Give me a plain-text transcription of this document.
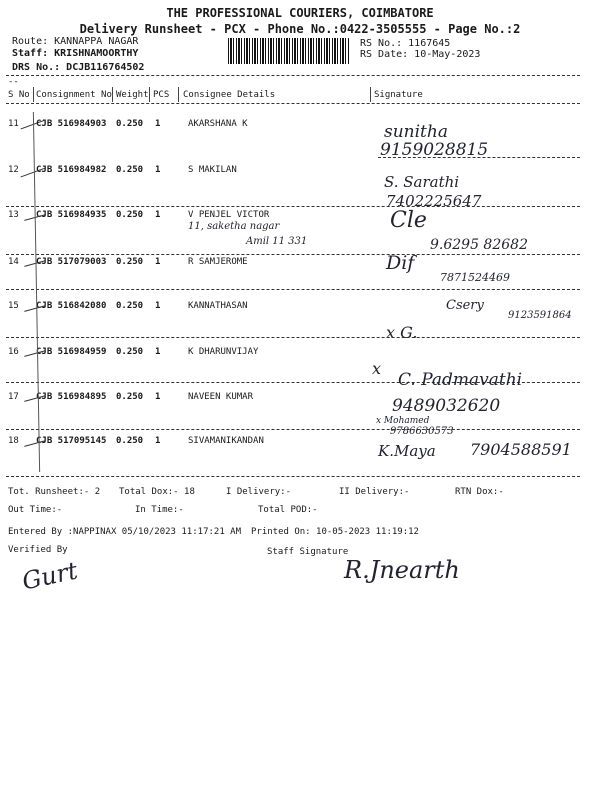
THE PROFESSIONAL COURIERS, COIMBATORE
Delivery Runsheet - PCX - Phone No.:0422-3505555 - Page No.:2
Route: KANNAPPA NAGAR
Staff: KRISHNAMOORTHY
DRS No.: DCJB116764502
RS No.: 1167645
RS Date: 10-May-2023
--
S No Consignment No Weight PCS Consignee Details	Signature
11 CJB 516984903 0.250 1	AKARSHANA K	sunitha
9159028815
12 CJB 516984982 0.250 1	S MAKILAN
S. Sarathi
7402225647
13 CJB 516984935 0.250 1	V PENJEL VICTOR
11, saketha nagar
Amil 11 331
Cle
9.6295 82682
14 CJB 517079003 0.250 1	R SAMJEROME	Dif
7871524469
15 CJB 516842080 0.250 1	KANNATHASAN	Csery
9123591864
x G.
16 CJB 516984959 0.250 1	K DHARUNVIJAY
x
17 CJB 516984895 0.250 1	NAVEEN KUMAR
C. Padmavathi
9489032620
x Mohamed
9786630573
18 CJB 517095145 0.250 1	SIVAMANIKANDAN
K.Maya 7904588591
Tot. Runsheet:- 2 Total Dox:- 18	I Delivery:-	II Delivery:-	RTN Dox:-
Out Time:-	In Time:-	Total POD:-
Entered By :NAPPINAX 05/10/2023 11:17:21 AM Printed On: 10-05-2023 11:19:12
Verified By	Staff Signature
Gurt	R.Jnearth
